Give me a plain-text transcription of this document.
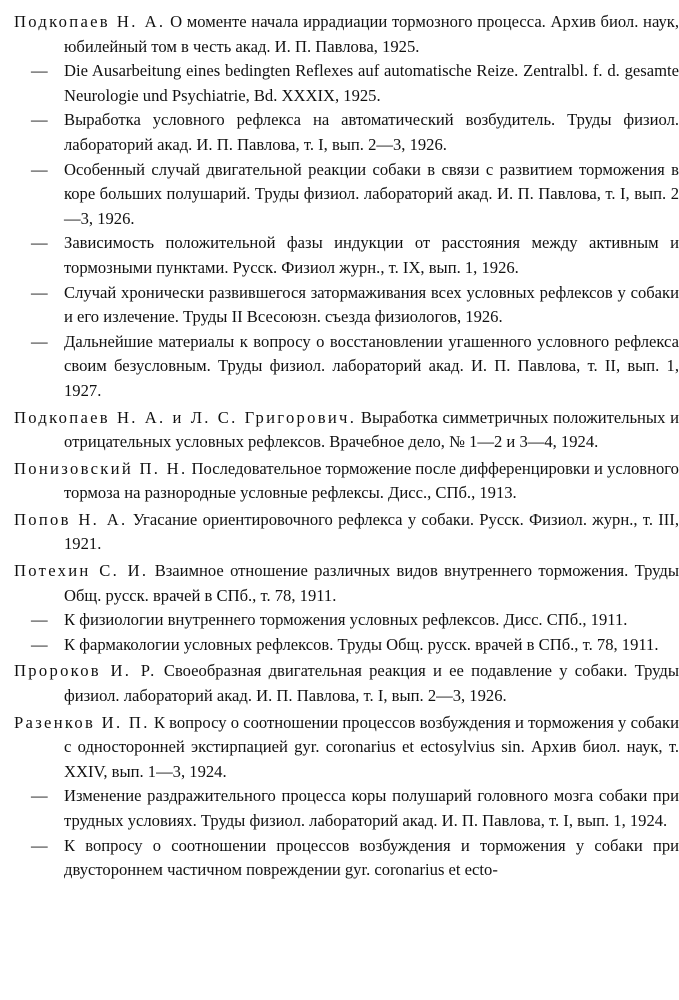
Подкопаев Н. А. О моменте начала иррадиации тормозного процесса. Архив биол. наук, юбилейный том в честь акад. И. П. Павлова, 1925.
— Die Ausarbeitung eines bedingten Reflexes auf automatische Reize. Zentralbl. f. d. gesamte Neurologie und Psychiatrie, Bd. XXXIX, 1925.
— Выработка условного рефлекса на автоматический возбудитель. Труды физиол. лабораторий акад. И. П. Павлова, т. I, вып. 2—3, 1926.
— Особенный случай двигательной реакции собаки в связи с развитием торможения в коре больших полушарий. Труды физиол. лабораторий акад. И. П. Павлова, т. I, вып. 2—3, 1926.
— Зависимость положительной фазы индукции от расстояния между активным и тормозными пунктами. Русск. Физиол журн., т. IX, вып. 1, 1926.
— Случай хронически развившегося затормаживания всех условных рефлексов у собаки и его излечение. Труды II Всесоюзн. съезда физиологов, 1926.
— Дальнейшие материалы к вопросу о восстановлении угашенного условного рефлекса своим безусловным. Труды физиол. лабораторий акад. И. П. Павлова, т. II, вып. 1, 1927.
Подкопаев Н. А. и Л. С. Григорович. Выработка симметричных положительных и отрицательных условных рефлексов. Врачебное дело, № 1—2 и 3—4, 1924.
Понизовский П. Н. Последовательное торможение после дифференцировки и условного тормоза на разнородные условные рефлексы. Дисс., СПб., 1913.
Попов Н. А. Угасание ориентировочного рефлекса у собаки. Русск. Физиол. журн., т. III, 1921.
Потехин С. И. Взаимное отношение различных видов внутреннего торможения. Труды Общ. русск. врачей в СПб., т. 78, 1911.
— К физиологии внутреннего торможения условных рефлексов. Дисс. СПб., 1911.
— К фармакологии условных рефлексов. Труды Общ. русск. врачей в СПб., т. 78, 1911.
Пророков И. Р. Своеобразная двигательная реакция и ее подавление у собаки. Труды физиол. лабораторий акад. И. П. Павлова, т. I, вып. 2—3, 1926.
Разенков И. П. К вопросу о соотношении процессов возбуждения и торможения у собаки с односторонней экстирпацией gyr. coronarius et ectosylvius sin. Архив биол. наук, т. XXIV, вып. 1—3, 1924.
— Изменение раздражительного процесса коры полушарий головного мозга собаки при трудных условиях. Труды физиол. лабораторий акад. И. П. Павлова, т. I, вып. 1, 1924.
— К вопросу о соотношении процессов возбуждения и торможения у собаки при двустороннем частичном повреждении gyr. coronarius et ecto-
